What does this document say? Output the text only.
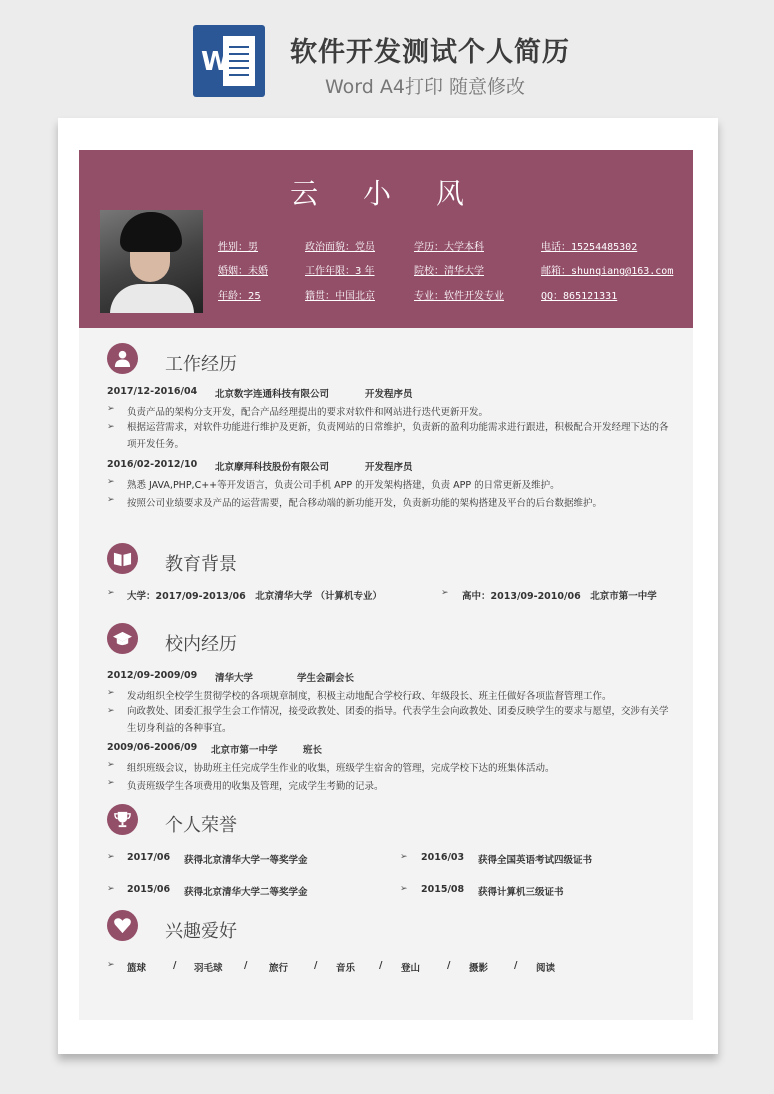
W 软件开发测试个人简历
Word A4打印 随意修改
云 小 风
性别：男	政治面貌：党员	学历：大学本科	电话：15254485302
婚姻：未婚	工作年限：3 年	院校：清华大学	邮箱：shunqiang@163.com
年龄：25	籍贯：中国北京	专业：软件开发专业	QQ：865121331
工作经历
2017/12-2016/04 北京数字连通科技有限公司	开发程序员
➢ 负责产品的架构分支开发，配合产品经理提出的要求对软件和网站进行迭代更新开发。
➢ 根据运营需求，对软件功能进行维护及更新，负责网站的日常维护，负责新的盈利功能需求进行跟进，积极配合开发经理下达的各项开发任务。
2016/02-2012/10 北京摩拜科技股份有限公司	开发程序员
➢ 熟悉 JAVA,PHP,C++等开发语言，负责公司手机 APP 的开发架构搭建，负责 APP 的日常更新及维护。
➢ 按照公司业绩要求及产品的运营需要，配合移动端的新功能开发，负责新功能的架构搭建及平台的后台数据维护。
教育背景
➢ 大学：2017/09-2013/06　北京清华大学 （计算机专业）	➢ 高中：2013/09-2010/06　北京市第一中学
校内经历
2012/09-2009/09 清华大学	学生会副会长
➢ 发动组织全校学生贯彻学校的各项规章制度，积极主动地配合学校行政、年级段长、班主任做好各项监督管理工作。
➢ 向政教处、团委汇报学生会工作情况，接受政教处、团委的指导。代表学生会向政教处、团委反映学生的要求与愿望，交涉有关学生切身利益的各种事宜。
2009/06-2006/09 北京市第一中学	班长
➢ 组织班级会议，协助班主任完成学生作业的收集，班级学生宿舍的管理，完成学校下达的班集体活动。
➢ 负责班级学生各项费用的收集及管理，完成学生考勤的记录。
个人荣誉
➢ 2017/06 获得北京清华大学一等奖学金	➢ 2016/03 获得全国英语考试四级证书
➢ 2015/06 获得北京清华大学二等奖学金	➢ 2015/08 获得计算机三级证书
兴趣爱好
➢ 篮球	羽毛球	旅行	音乐	登山	摄影	阅读
/	/	/	/	/	/
